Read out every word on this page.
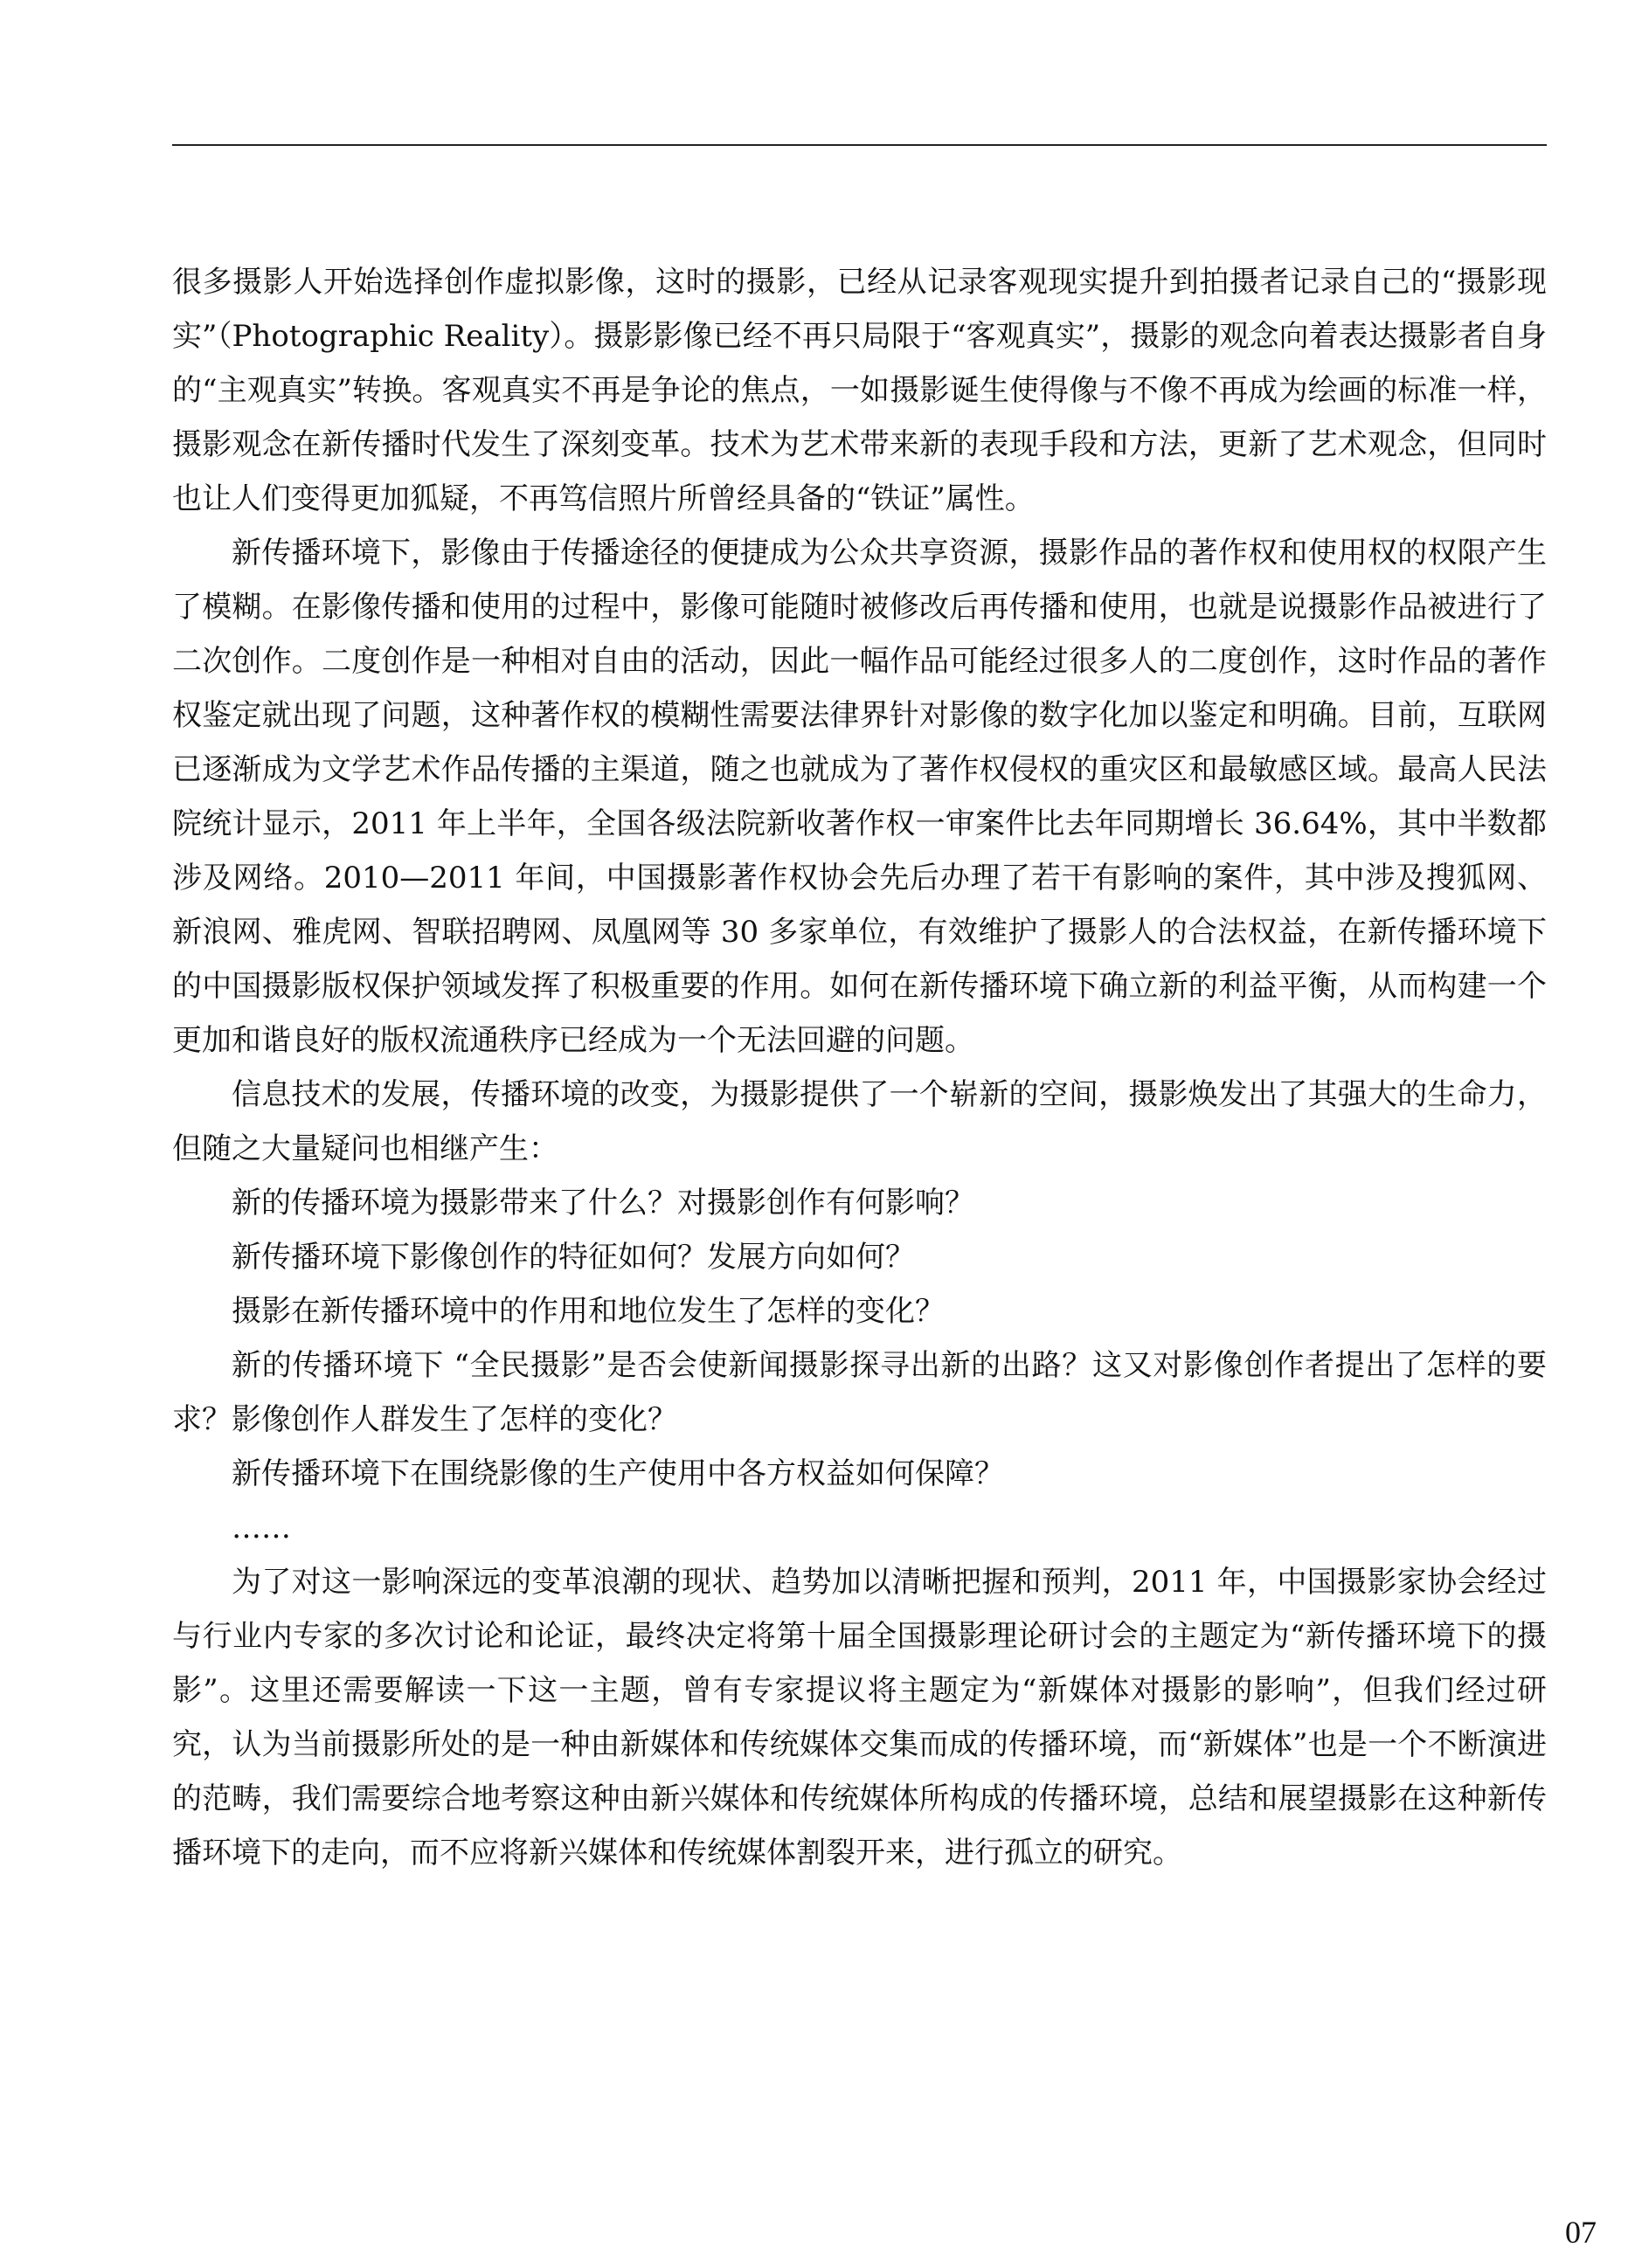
很多摄影人开始选择创作虚拟影像，这时的摄影，已经从记录客观现实提升到拍摄者记录自己的“摄影现实”（Photographic Reality）。摄影影像已经不再只局限于“客观真实”，摄影的观念向着表达摄影者自身的“主观真实”转换。客观真实不再是争论的焦点，一如摄影诞生使得像与不像不再成为绘画的标准一样，摄影观念在新传播时代发生了深刻变革。技术为艺术带来新的表现手段和方法，更新了艺术观念，但同时也让人们变得更加狐疑，不再笃信照片所曾经具备的“铁证”属性。

新传播环境下，影像由于传播途径的便捷成为公众共享资源，摄影作品的著作权和使用权的权限产生了模糊。在影像传播和使用的过程中，影像可能随时被修改后再传播和使用，也就是说摄影作品被进行了二次创作。二度创作是一种相对自由的活动，因此一幅作品可能经过很多人的二度创作，这时作品的著作权鉴定就出现了问题，这种著作权的模糊性需要法律界针对影像的数字化加以鉴定和明确。目前，互联网已逐渐成为文学艺术作品传播的主渠道，随之也就成为了著作权侵权的重灾区和最敏感区域。最高人民法院统计显示，2011 年上半年，全国各级法院新收著作权一审案件比去年同期增长 36.64%，其中半数都涉及网络。2010—2011 年间，中国摄影著作权协会先后办理了若干有影响的案件，其中涉及搜狐网、新浪网、雅虎网、智联招聘网、凤凰网等 30 多家单位，有效维护了摄影人的合法权益，在新传播环境下的中国摄影版权保护领域发挥了积极重要的作用。如何在新传播环境下确立新的利益平衡，从而构建一个更加和谐良好的版权流通秩序已经成为一个无法回避的问题。

信息技术的发展，传播环境的改变，为摄影提供了一个崭新的空间，摄影焕发出了其强大的生命力，但随之大量疑问也相继产生：

新的传播环境为摄影带来了什么？对摄影创作有何影响？

新传播环境下影像创作的特征如何？发展方向如何？

摄影在新传播环境中的作用和地位发生了怎样的变化？

新的传播环境下 “全民摄影”是否会使新闻摄影探寻出新的出路？这又对影像创作者提出了怎样的要求？影像创作人群发生了怎样的变化？

新传播环境下在围绕影像的生产使用中各方权益如何保障？

……

为了对这一影响深远的变革浪潮的现状、趋势加以清晰把握和预判，2011 年，中国摄影家协会经过与行业内专家的多次讨论和论证，最终决定将第十届全国摄影理论研讨会的主题定为“新传播环境下的摄影”。这里还需要解读一下这一主题，曾有专家提议将主题定为“新媒体对摄影的影响”，但我们经过研究，认为当前摄影所处的是一种由新媒体和传统媒体交集而成的传播环境，而“新媒体”也是一个不断演进的范畴，我们需要综合地考察这种由新兴媒体和传统媒体所构成的传播环境，总结和展望摄影在这种新传播环境下的走向，而不应将新兴媒体和传统媒体割裂开来，进行孤立的研究。

07
